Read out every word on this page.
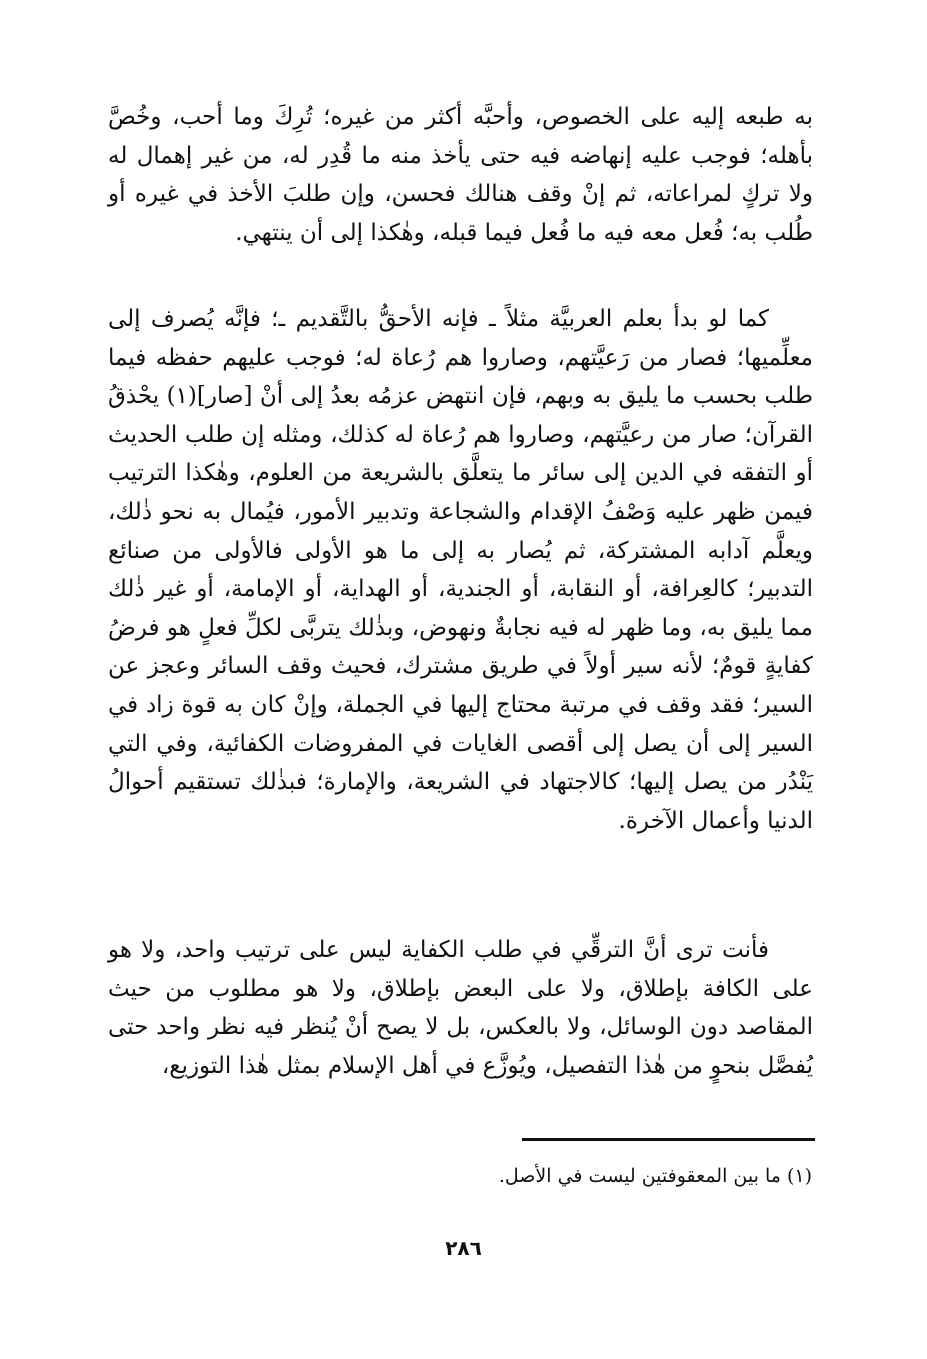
به طبعه إليه على الخصوص، وأحبَّه أكثر من غيره؛ تُرِكَ وما أحب، وخُصَّ بأهله؛ فوجب عليه إنهاضه فيه حتى يأخذ منه ما قُدِر له، من غير إهمال له ولا تركٍ لمراعاته، ثم إنْ وقف هنالك فحسن، وإن طلبَ الأخذ في غيره أو طُلب به؛ فُعل معه فيه ما فُعل فيما قبله، وهٰكذا إلى أن ينتهي.

كما لو بدأ بعلم العربيَّة مثلاً ـ فإنه الأحقُّ بالتَّقديم ـ؛ فإنَّه يُصرف إلى معلِّميها؛ فصار من رَعيَّتهم، وصاروا هم رُعاة له؛ فوجب عليهم حفظه فيما طلب بحسب ما يليق به وبهم، فإن انتهض عزمُه بعدُ إلى أنْ [صار](١) يحْذقُ القرآن؛ صار من رعيَّتهم، وصاروا هم رُعاة له كذلك، ومثله إن طلب الحديث أو التفقه في الدين إلى سائر ما يتعلَّق بالشريعة من العلوم، وهٰكذا الترتيب فيمن ظهر عليه وَصْفُ الإقدام والشجاعة وتدبير الأمور، فيُمال به نحو ذٰلك، ويعلَّم آدابه المشتركة، ثم يُصار به إلى ما هو الأولى فالأولى من صنائع التدبير؛ كالعِرافة، أو النقابة، أو الجندية، أو الهداية، أو الإمامة، أو غير ذٰلك مما يليق به، وما ظهر له فيه نجابةٌ ونهوض، وبذٰلك يتربَّى لكلِّ فعلٍ هو فرضُ كفايةٍ قومٌ؛ لأنه سير أولاً في طريق مشترك، فحيث وقف السائر وعجز عن السير؛ فقد وقف في مرتبة محتاج إليها في الجملة، وإنْ كان به قوة زاد في السير إلى أن يصل إلى أقصى الغايات في المفروضات الكفائية، وفي التي يَنْدُر من يصل إليها؛ كالاجتهاد في الشريعة، والإمارة؛ فبذٰلك تستقيم أحوالُ الدنيا وأعمال الآخرة.

فأنت ترى أنَّ الترقِّي في طلب الكفاية ليس على ترتيب واحد، ولا هو على الكافة بإطلاق، ولا على البعض بإطلاق، ولا هو مطلوب من حيث المقاصد دون الوسائل، ولا بالعكس، بل لا يصح أنْ يُنظر فيه نظر واحد حتى يُفصَّل بنحوٍ من هٰذا التفصيل، ويُوزَّع في أهل الإسلام بمثل هٰذا التوزيع،

(١) ما بين المعقوفتين ليست في الأصل.
٢٨٦
